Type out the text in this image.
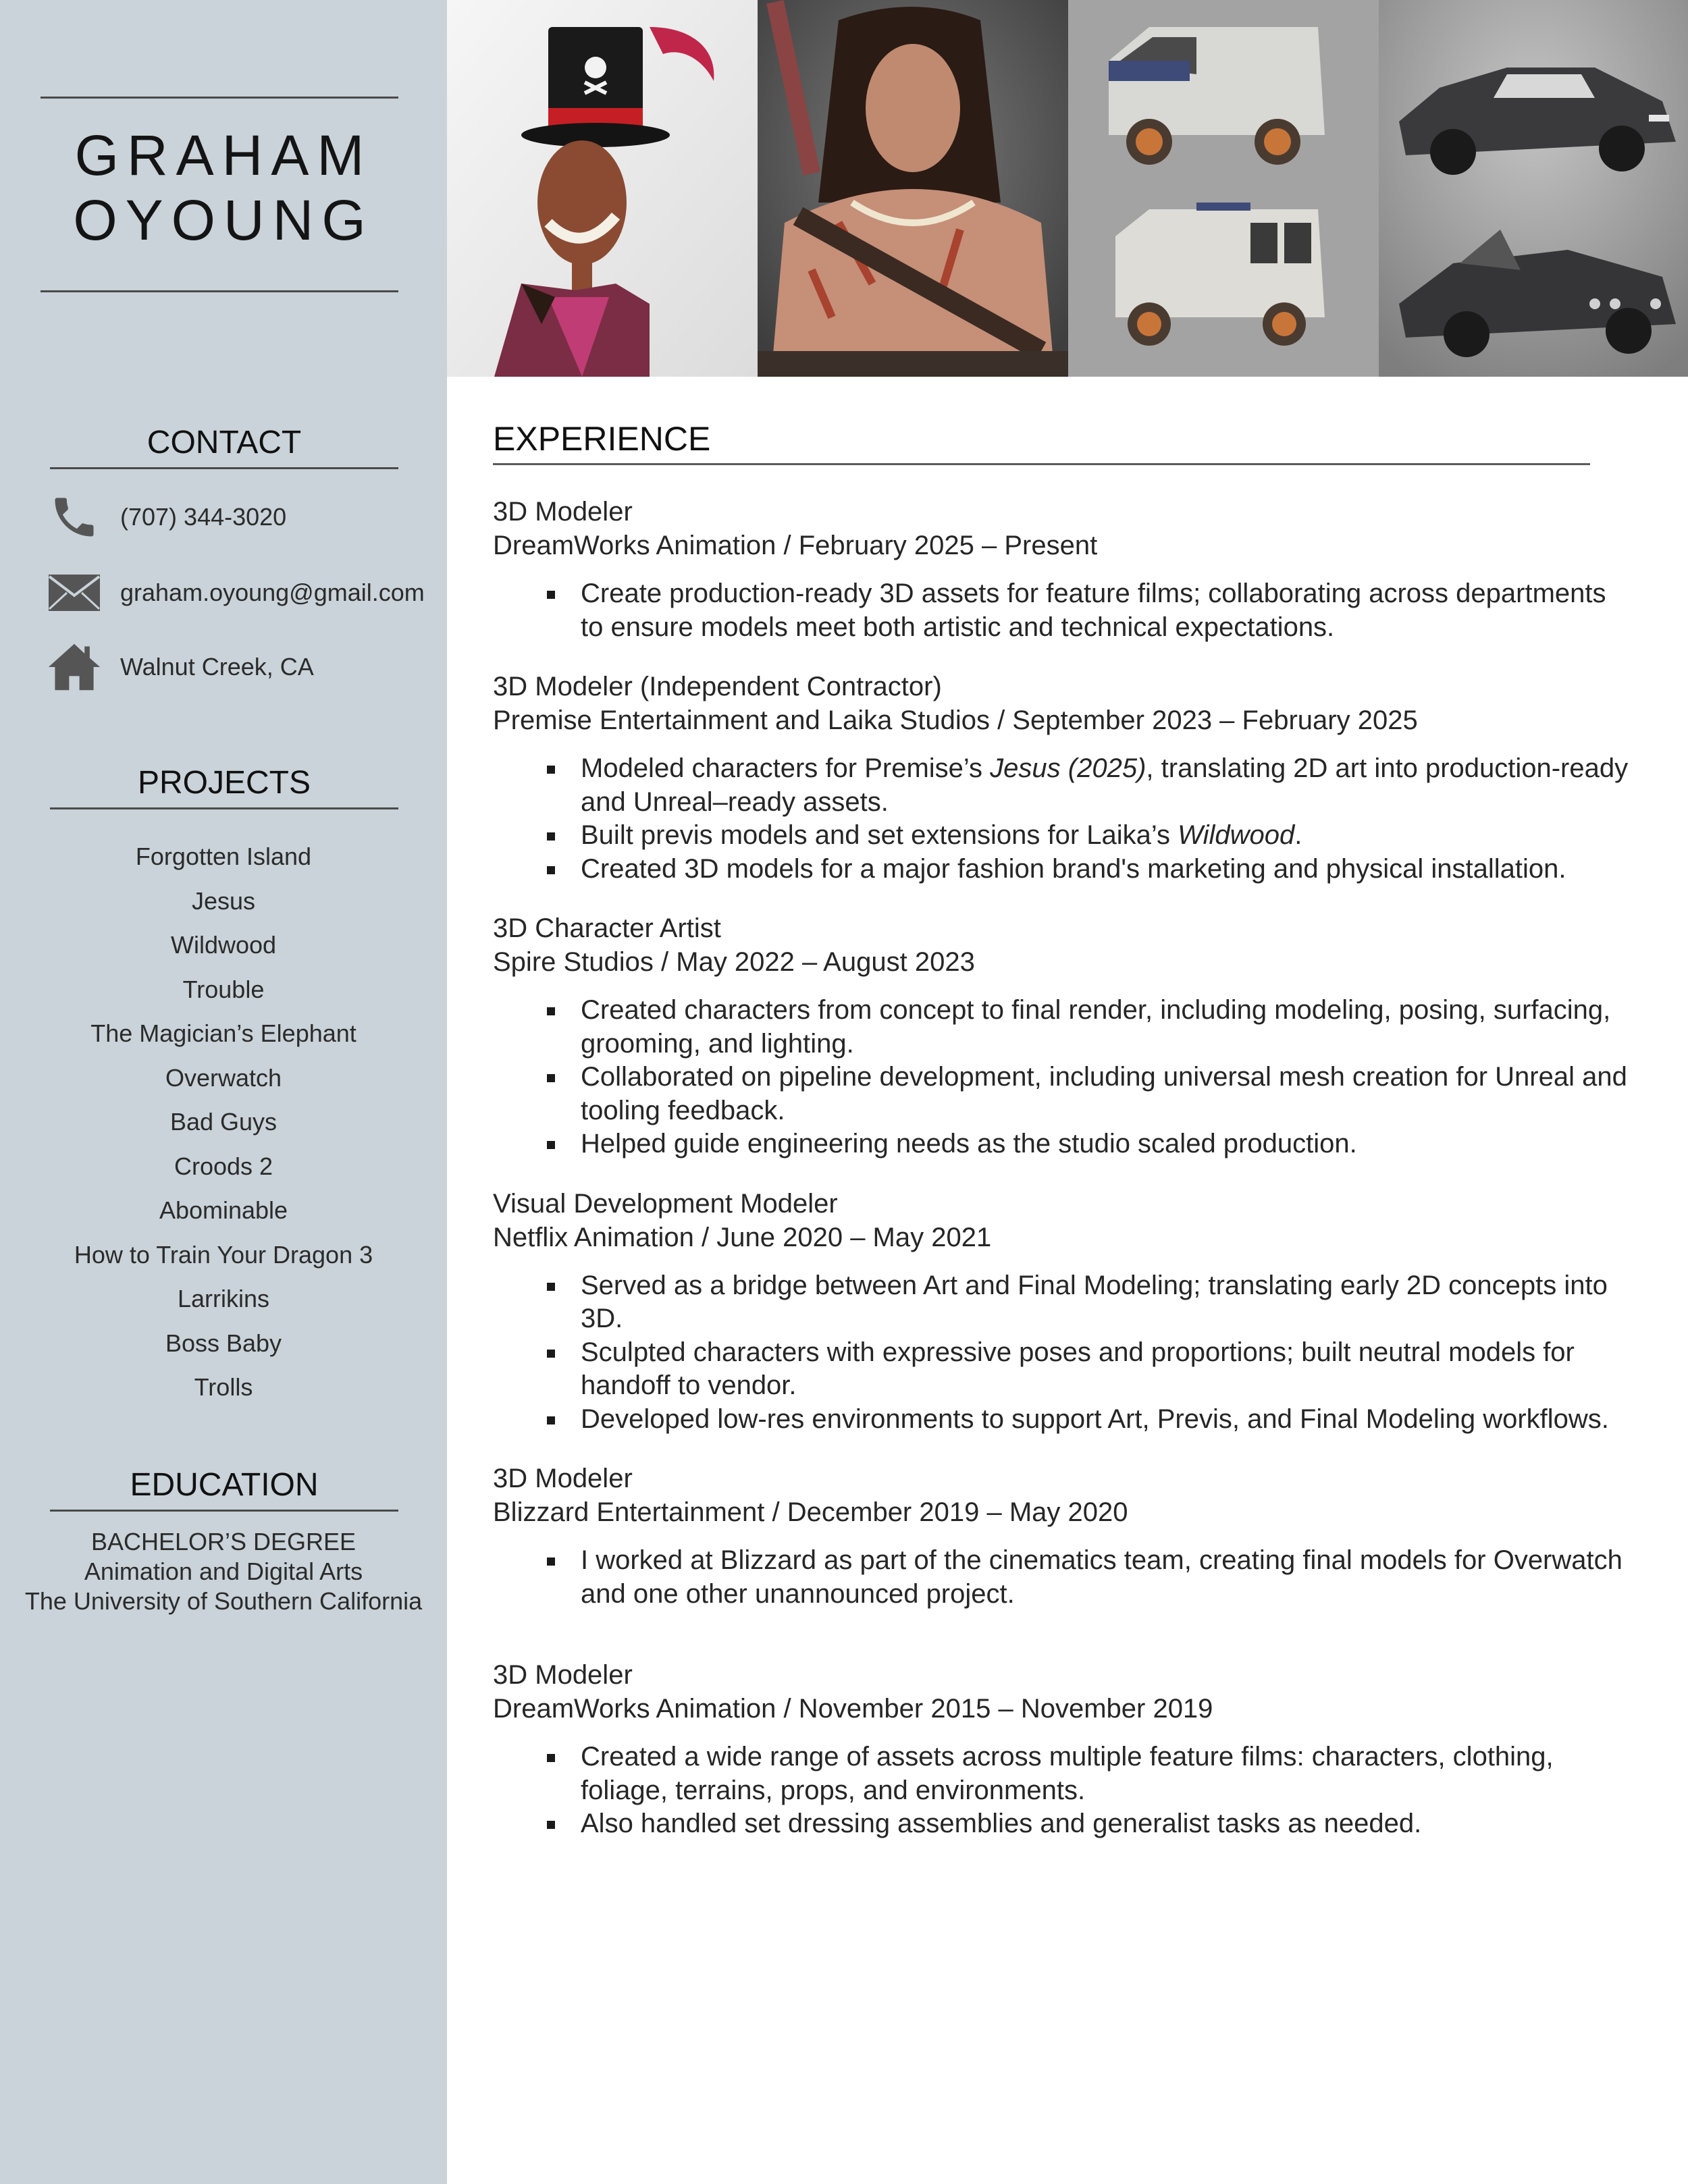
GRAHAM
OYOUNG
CONTACT
(707) 344-3020
graham.oyoung@gmail.com
Walnut Creek, CA
PROJECTS
Forgotten Island
Jesus
Wildwood
Trouble
The Magician’s Elephant
Overwatch
Bad Guys
Croods 2
Abominable
How to Train Your Dragon 3
Larrikins
Boss Baby
Trolls
EDUCATION
BACHELOR’S DEGREE
Animation and Digital Arts
The University of Southern California
EXPERIENCE
3D Modeler
DreamWorks Animation / February 2025 – Present
Create production-ready 3D assets for feature films; collaborating across departments to ensure models meet both artistic and technical expectations.
3D Modeler (Independent Contractor)
Premise Entertainment and Laika Studios / September 2023 – February 2025
Modeled characters for Premise’s Jesus (2025), translating 2D art into production-ready and Unreal–ready assets.
Built previs models and set extensions for Laika’s Wildwood.
Created 3D models for a major fashion brand's marketing and physical installation.
3D Character Artist
Spire Studios / May 2022 – August 2023
Created characters from concept to final render, including modeling, posing, surfacing, grooming, and lighting.
Collaborated on pipeline development, including universal mesh creation for Unreal and tooling feedback.
Helped guide engineering needs as the studio scaled production.
Visual Development Modeler
Netflix Animation / June 2020 – May 2021
Served as a bridge between Art and Final Modeling; translating early 2D concepts into 3D.
Sculpted characters with expressive poses and proportions; built neutral models for handoff to vendor.
Developed low-res environments to support Art, Previs, and Final Modeling workflows.
3D Modeler
Blizzard Entertainment / December 2019 – May 2020
I worked at Blizzard as part of the cinematics team, creating final models for Overwatch and one other unannounced project.
3D Modeler
DreamWorks Animation / November 2015 – November 2019
Created a wide range of assets across multiple feature films: characters, clothing, foliage, terrains, props, and environments.
Also handled set dressing assemblies and generalist tasks as needed.
